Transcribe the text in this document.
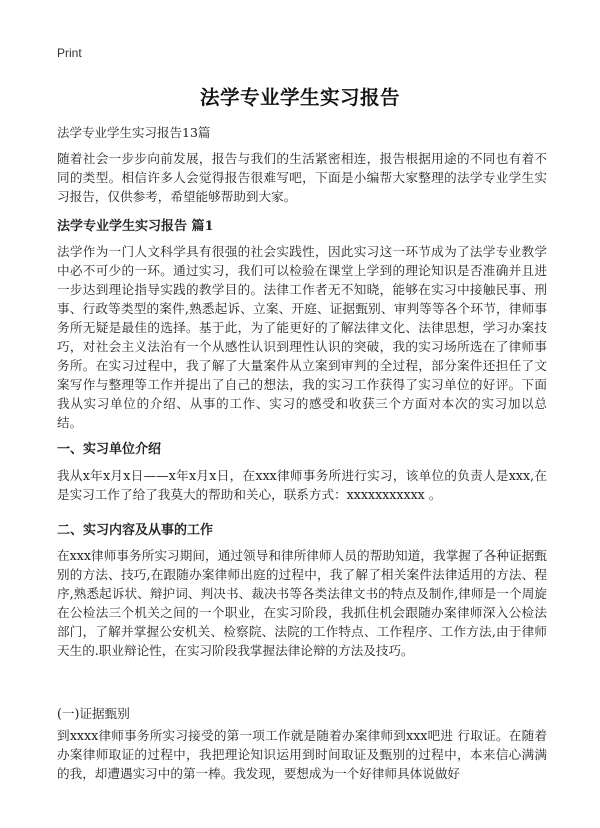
Print
法学专业学生实习报告
法学专业学生实习报告13篇

随着社会一步步向前发展，报告与我们的生活紧密相连，报告根据用途的不同也有着不同的类型。相信许多人会觉得报告很难写吧，下面是小编帮大家整理的法学专业学生实习报告，仅供参考，希望能够帮助到大家。

法学专业学生实习报告 篇1

法学作为一门人文科学具有很强的社会实践性，因此实习这一环节成为了法学专业教学中必不可少的一环。通过实习，我们可以检验在课堂上学到的理论知识是否准确并且进一步达到理论指导实践的教学目的。法律工作者无不知晓，能够在实习中接触民事、刑事、行政等类型的案件,熟悉起诉、立案、开庭、证据甄别、审判等等各个环节，律师事务所无疑是最佳的选择。基于此，为了能更好的了解法律文化、法律思想，学习办案技巧，对社会主义法治有一个从感性认识到理性认识的突破，我的实习场所选在了律师事务所。在实习过程中，我了解了大量案件从立案到审判的全过程，部分案件还担任了文案写作与整理等工作并提出了自己的想法，我的实习工作获得了实习单位的好评。下面我从实习单位的介绍、从事的工作、实习的感受和收获三个方面对本次的实习加以总结。

一、实习单位介绍

我从x年x月x日——x年x月x日，在xxx律师事务所进行实习，该单位的负责人是xxx,在是实习工作了给了我莫大的帮助和关心，联系方式：xxxxxxxxxxx 。

二、实习内容及从事的工作

在xxx律师事务所实习期间，通过领导和律所律师人员的帮助知道，我掌握了各种证据甄别的方法、技巧,在跟随办案律师出庭的过程中，我了解了相关案件法律适用的方法、程序,熟悉起诉状、辩护词、判决书、裁决书等各类法律文书的特点及制作,律师是一个周旋在公检法三个机关之间的一个职业，在实习阶段，我抓住机会跟随办案律师深入公检法部门，了解并掌握公安机关、检察院、法院的工作特点、工作程序、工作方法,由于律师天生的.职业辩论性，在实习阶段我掌握法律论辩的方法及技巧。

(一)证据甄别

到xxxx律师事务所实习接受的第一项工作就是随着办案律师到xxx吧进 行取证。在随着办案律师取证的过程中，我把理论知识运用到时间取证及甄别的过程中，本来信心满满的我，却遭遇实习中的第一棒。我发现，要想成为一个好律师具体说做好
